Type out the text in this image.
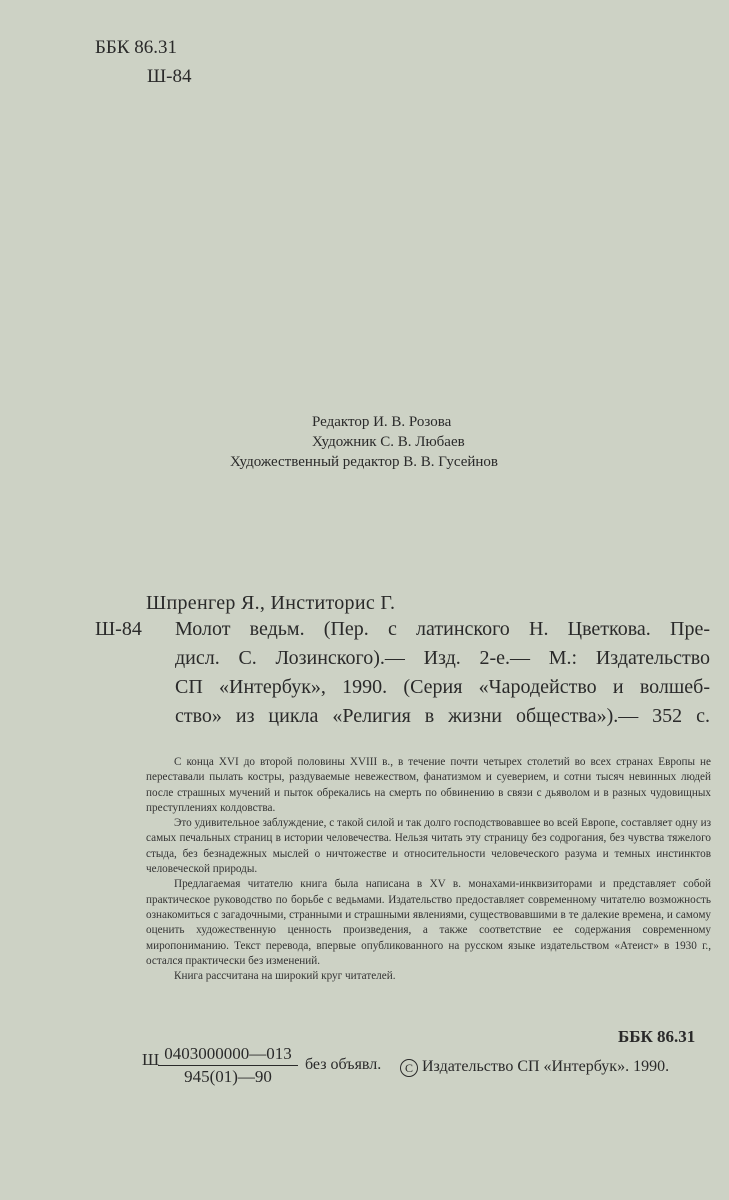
ББК 86.31
Ш-84
Редактор И. В. Розова
Художник С. В. Любаев
Художественный редактор В. В. Гусейнов
Шпренгер Я., Инститорис Г.
Ш-84 Молот ведьм. (Пер. с латинского Н. Цветкова. Пре-
дисл. С. Лозинского).— Изд. 2-е.— М.: Издательство
СП «Интербук», 1990. (Серия «Чародейство и волшеб-
ство» из цикла «Религия в жизни общества»).— 352 с.

С конца XVI до второй половины XVIII в., в течение почти четырех столетий во всех странах Европы не переставали пылать костры, раздуваемые невежеством, фанатизмом и суеверием, и сотни тысяч невинных людей после страшных мучений и пыток обрекались на смерть по обвинению в связи с дьяволом и в разных чудовищных преступлениях колдовства.

Это удивительное заблуждение, с такой силой и так долго господствовавшее во всей Европе, составляет одну из самых печальных страниц в истории человечества. Нельзя читать эту страницу без содрогания, без чувства тяжелого стыда, без безнадежных мыслей о ничтожестве и относительности человеческого разума и темных инстинктов человеческой природы.

Предлагаемая читателю книга была написана в XV в. монахами-инквизиторами и представляет собой практическое руководство по борьбе с ведьмами. Издательство предоставляет современному читателю возможность ознакомиться с загадочными, странными и страшными явлениями, существовавшими в те далекие времена, и самому оценить художественную ценность произведения, а также соответствие ее содержания современному миропониманию. Текст перевода, впервые опубликованного на русском языке издательством «Атеист» в 1930 г., остался практически без изменений.

Книга рассчитана на широкий круг читателей.

ББК 86.31
Ш
$\frac{0403000000—013}{945(01)—90}$ без объявл.	C Издательство СП «Интербук». 1990.
